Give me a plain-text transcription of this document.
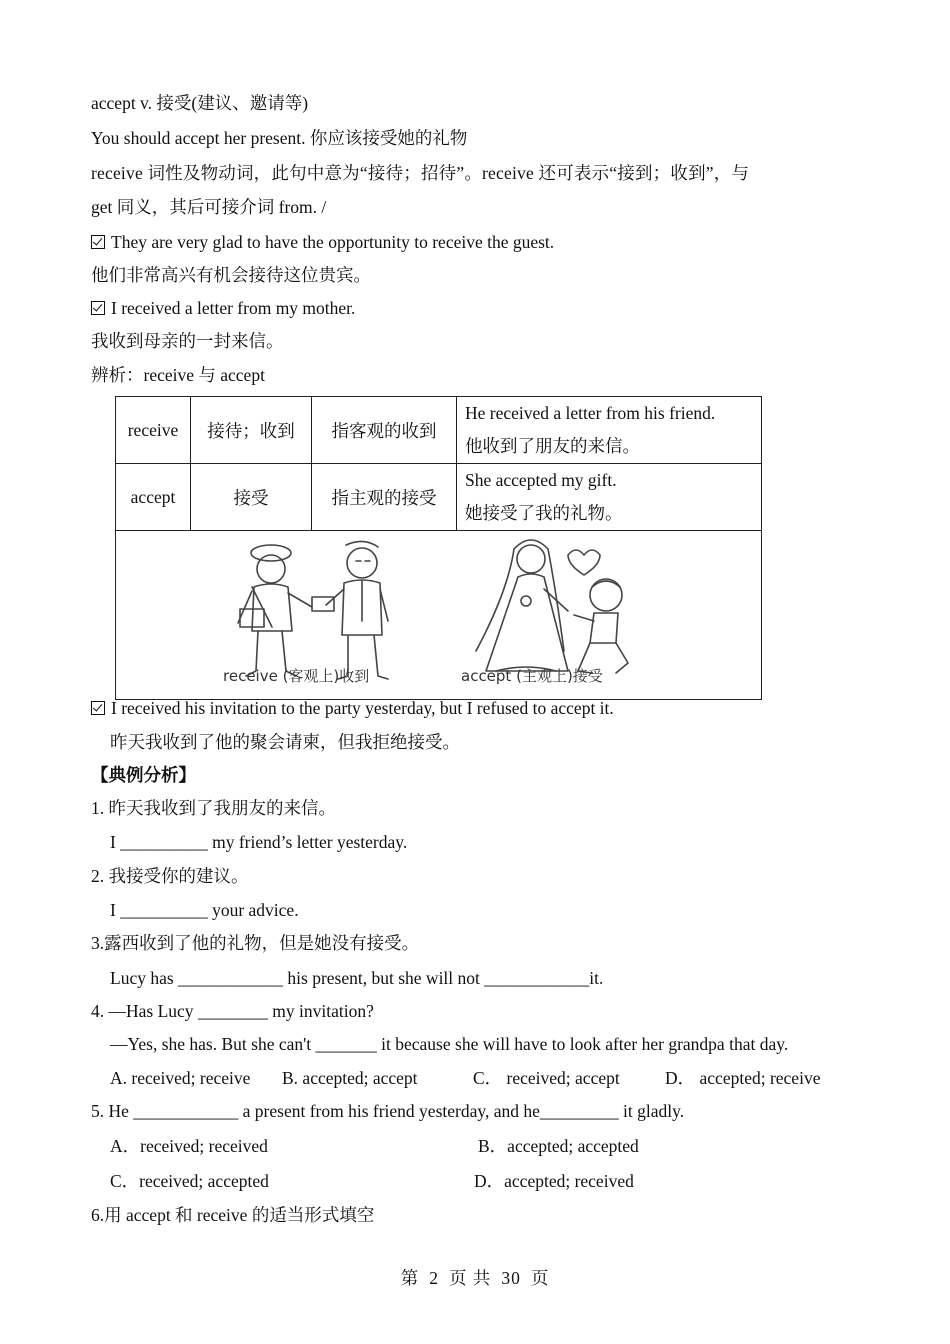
accept v. 接受(建议、邀请等)
You should accept her present. 你应该接受她的礼物
receive 词性及物动词，此句中意为“接待；招待”。receive 还可表示“接到；收到”，与
get 同义，其后可接介词 from. /
They are very glad to have the opportunity to receive the guest.
他们非常高兴有机会接待这位贵宾。
I received a letter from my mother.
我收到母亲的一封来信。
辨析：receive 与 accept
receive	接待；收到	指客观的收到	He received a letter from his friend.
他收到了朋友的来信。

accept	接受	指主观的接受	She accepted my gift.
她接受了我的礼物。

receive (客观上)收到 accept (主观上)接受			
I received his invitation to the party yesterday, but I refused to accept it.
昨天我收到了他的聚会请柬，但我拒绝接受。
【典例分析】
1. 昨天我收到了我朋友的来信。
I __________ my friend’s letter yesterday.
2. 我接受你的建议。
I __________ your advice.
3.露西收到了他的礼物，但是她没有接受。
Lucy has ____________ his present, but she will not ____________it.
4. —Has Lucy ________ my invitation?
—Yes, she has. But she can't _______ it because she will have to look after her grandpa that day.
A. received; receive B. accepted; accept	C． received; accept	D． accepted; receive
5. He ____________ a present from his friend yesterday, and he_________ it gladly.
A．received; received	B．accepted; accepted
C．received; accepted	D．accepted; received
6.用 accept 和 receive 的适当形式填空
第 2 页 共 30 页
